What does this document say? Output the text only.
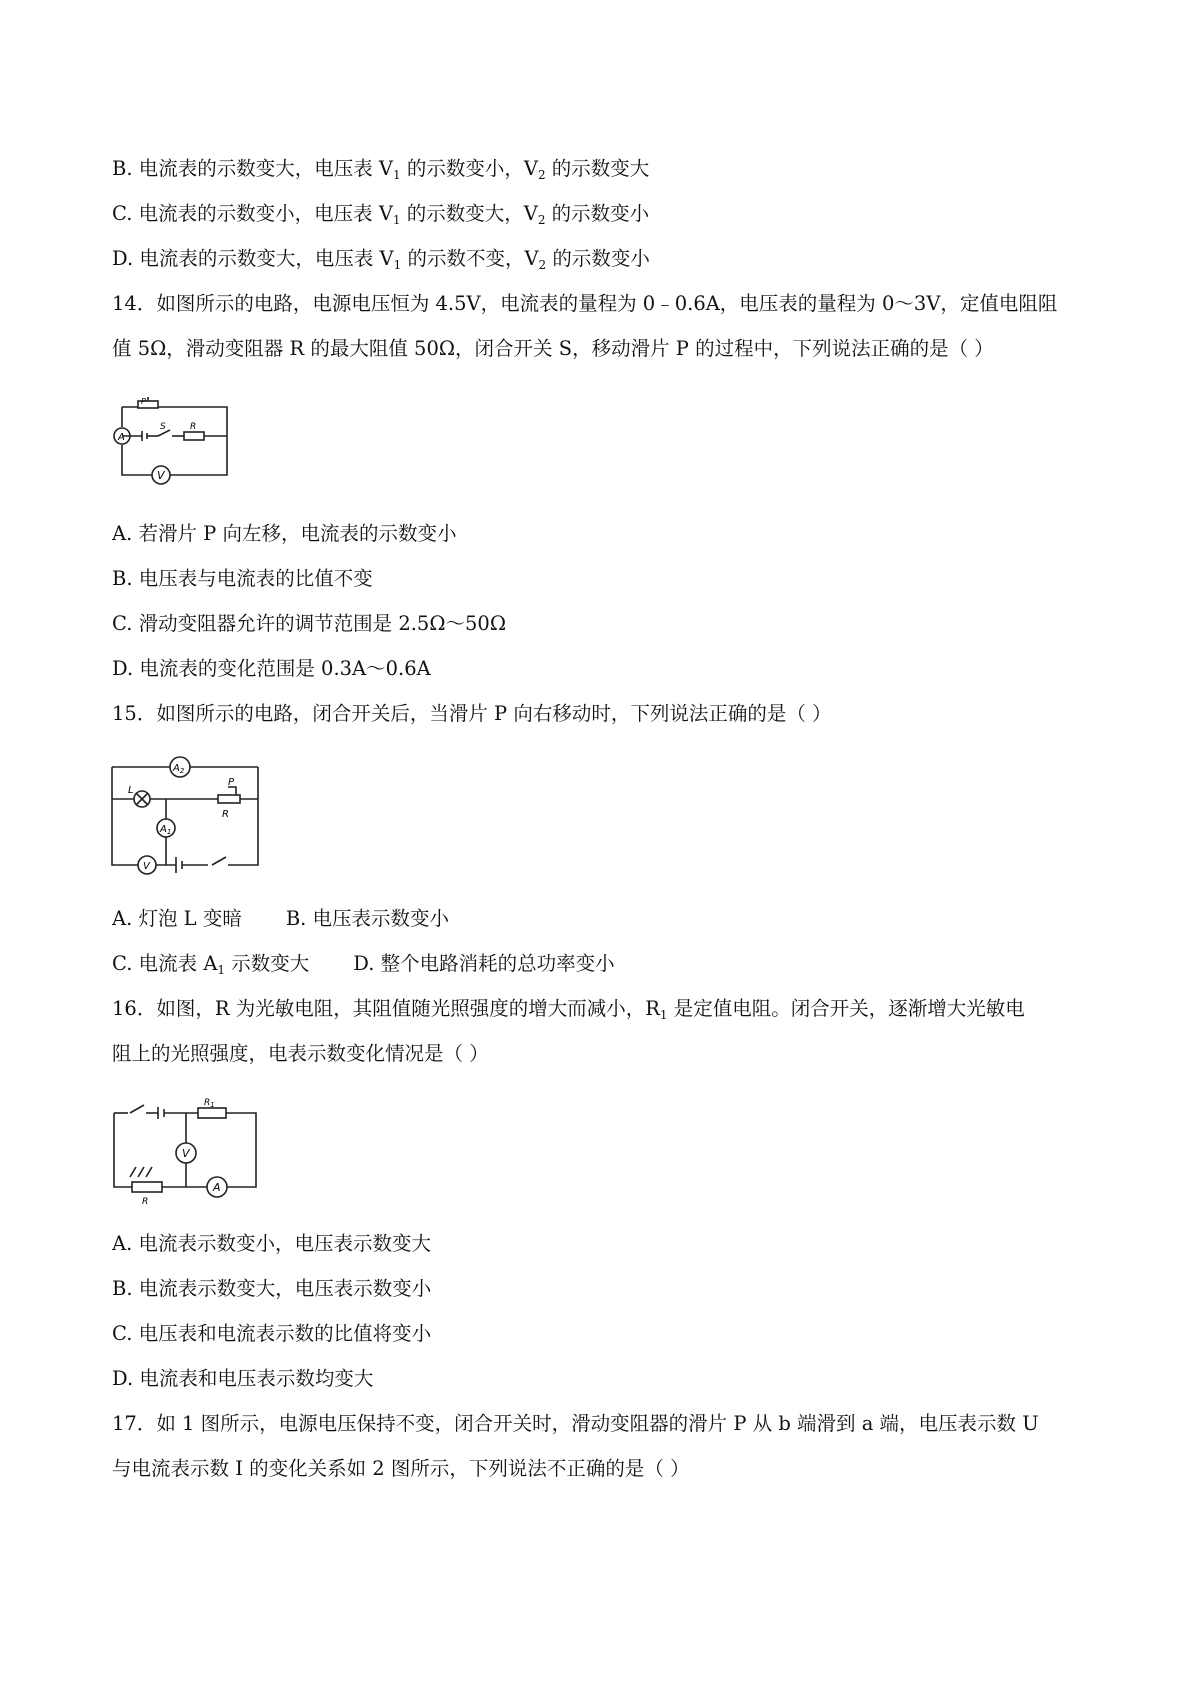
B. 电流表的示数变大，电压表 $V_1$ 的示数变小，$V_2$ 的示数变大
C. 电流表的示数变小，电压表 $V_1$ 的示数变大，$V_2$ 的示数变小
D. 电流表的示数变大，电压表 $V_1$ 的示数不变，$V_2$ 的示数变小
14．如图所示的电路，电源电压恒为 4.5V，电流表的量程为 0﹣0.6A，电压表的量程为 0～3V，定值电阻阻
值 5Ω，滑动变阻器 R 的最大阻值 50Ω，闭合开关 S，移动滑片 P 的过程中，下列说法正确的是（ ）
A
V
S	R
P
A. 若滑片 P 向左移，电流表的示数变小
B. 电压表与电流表的比值不变
C. 滑动变阻器允许的调节范围是 2.5Ω～50Ω
D. 电流表的变化范围是 0.3A～0.6A
15．如图所示的电路，闭合开关后，当滑片 P 向右移动时，下列说法正确的是（ ）
$A_2$
$A_1$
L
P
R
V
A. 灯泡 L 变暗 B. 电压表示数变小
C. 电流表 $A_1$ 示数变大 D. 整个电路消耗的总功率变小
16．如图，R 为光敏电阻，其阻值随光照强度的增大而减小，$R_1$ 是定值电阻。闭合开关，逐渐增大光敏电
阻上的光照强度，电表示数变化情况是（ ）
$R_1$
V
A
R
A. 电流表示数变小，电压表示数变大
B. 电流表示数变大，电压表示数变小
C. 电压表和电流表示数的比值将变小
D. 电流表和电压表示数均变大
17．如 1 图所示，电源电压保持不变，闭合开关时，滑动变阻器的滑片 P 从 b 端滑到 a 端，电压表示数 U
与电流表示数 I 的变化关系如 2 图所示，下列说法不正确的是（ ）
